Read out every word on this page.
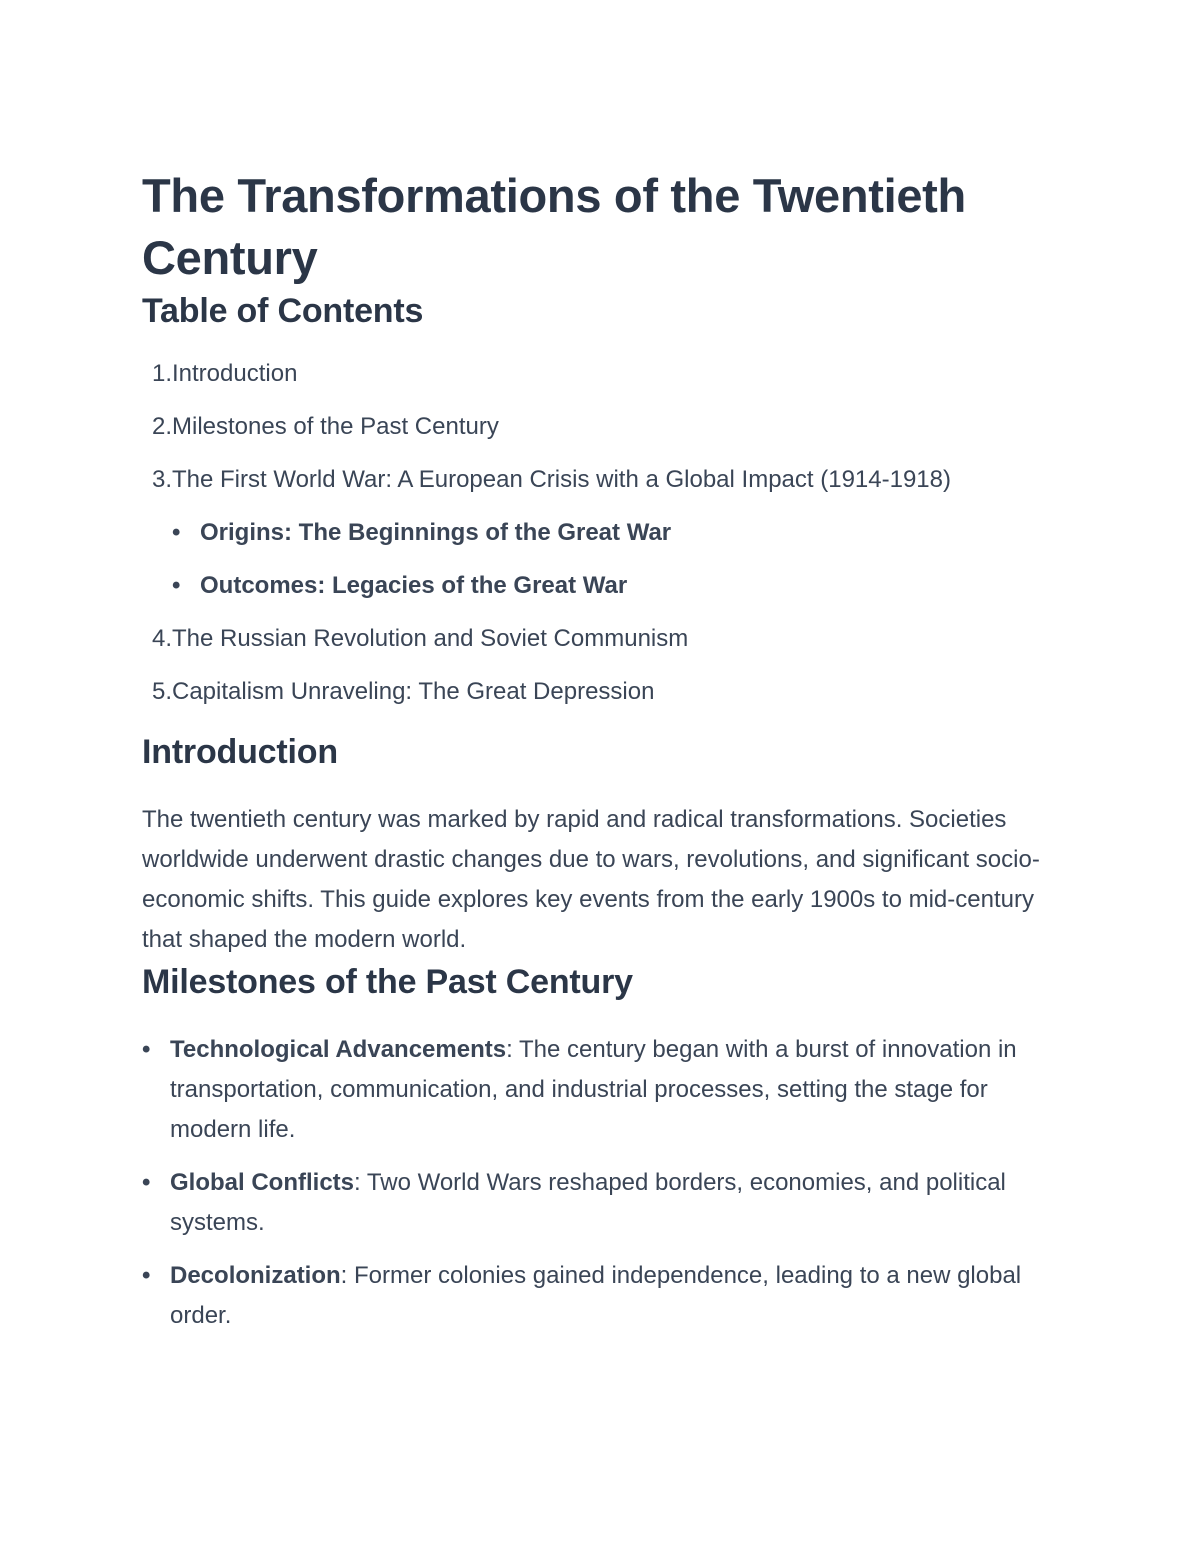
The Transformations of the Twentieth Century
Table of Contents
1. Introduction
2. Milestones of the Past Century
3. The First World War: A European Crisis with a Global Impact (1914-1918)
• Origins: The Beginnings of the Great War
• Outcomes: Legacies of the Great War
4. The Russian Revolution and Soviet Communism
5. Capitalism Unraveling: The Great Depression
Introduction

The twentieth century was marked by rapid and radical transformations. Societies worldwide underwent drastic changes due to wars, revolutions, and significant socio-economic shifts. This guide explores key events from the early 1900s to mid-century that shaped the modern world.

Milestones of the Past Century
• Technological Advancements: The century began with a burst of innovation in transportation, communication, and industrial processes, setting the stage for modern life.
• Global Conflicts: Two World Wars reshaped borders, economies, and political systems.
• Decolonization: Former colonies gained independence, leading to a new global order.
